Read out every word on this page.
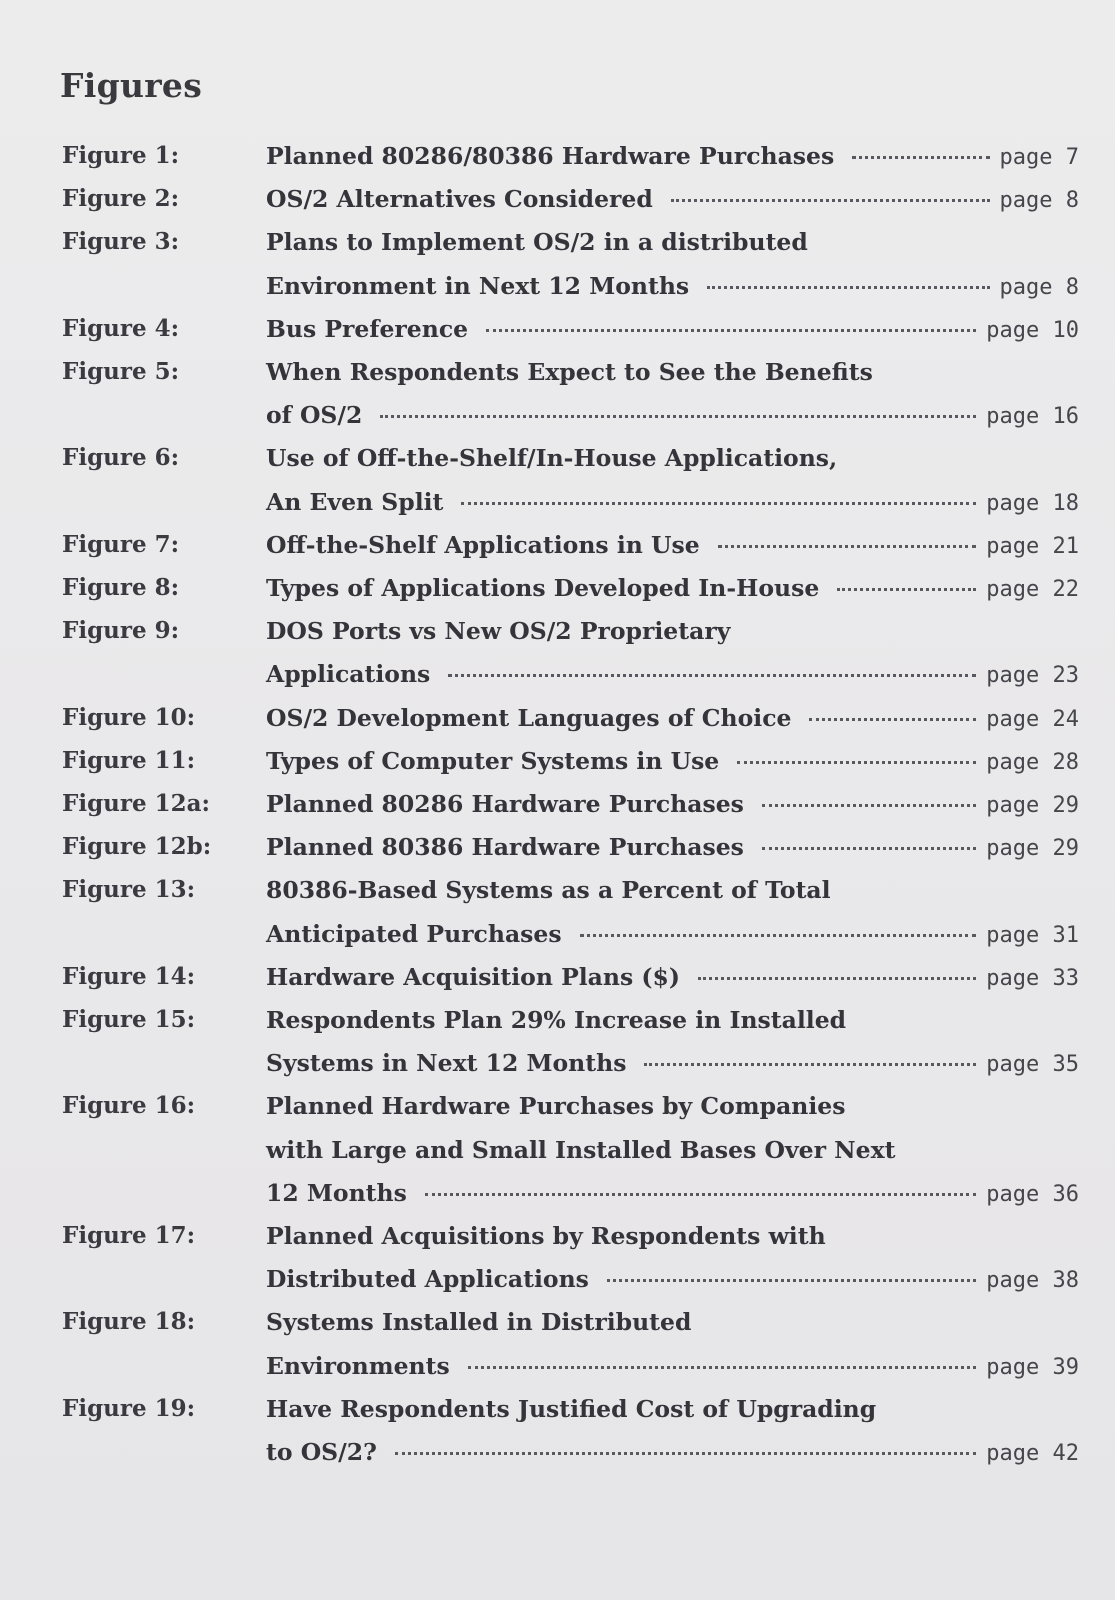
Figures
Figure 1:	Planned 80286/80386 Hardware Purchases	page 7
Figure 2:	OS/2 Alternatives Considered	page 8
Figure 3:	Plans to Implement OS/2 in a distributed
Environment in Next 12 Months	page 8
Figure 4:	Bus Preference	page 10
Figure 5:	When Respondents Expect to See the Benefits
of OS/2	page 16
Figure 6:	Use of Off-the-Shelf/In-House Applications,
An Even Split	page 18
Figure 7:	Off-the-Shelf Applications in Use	page 21
Figure 8:	Types of Applications Developed In-House	page 22
Figure 9:	DOS Ports vs New OS/2 Proprietary
Applications	page 23
Figure 10:	OS/2 Development Languages of Choice	page 24
Figure 11:	Types of Computer Systems in Use	page 28
Figure 12a: Planned 80286 Hardware Purchases	page 29
Figure 12b: Planned 80386 Hardware Purchases	page 29
Figure 13:	80386-Based Systems as a Percent of Total
Anticipated Purchases	page 31
Figure 14:	Hardware Acquisition Plans ($)	page 33
Figure 15:	Respondents Plan 29% Increase in Installed
Systems in Next 12 Months	page 35
Figure 16:	Planned Hardware Purchases by Companies
with Large and Small Installed Bases Over Next
12 Months	page 36
Figure 17:	Planned Acquisitions by Respondents with
Distributed Applications	page 38
Figure 18:	Systems Installed in Distributed
Environments	page 39
Figure 19:	Have Respondents Justified Cost of Upgrading
to OS/2?	page 42
